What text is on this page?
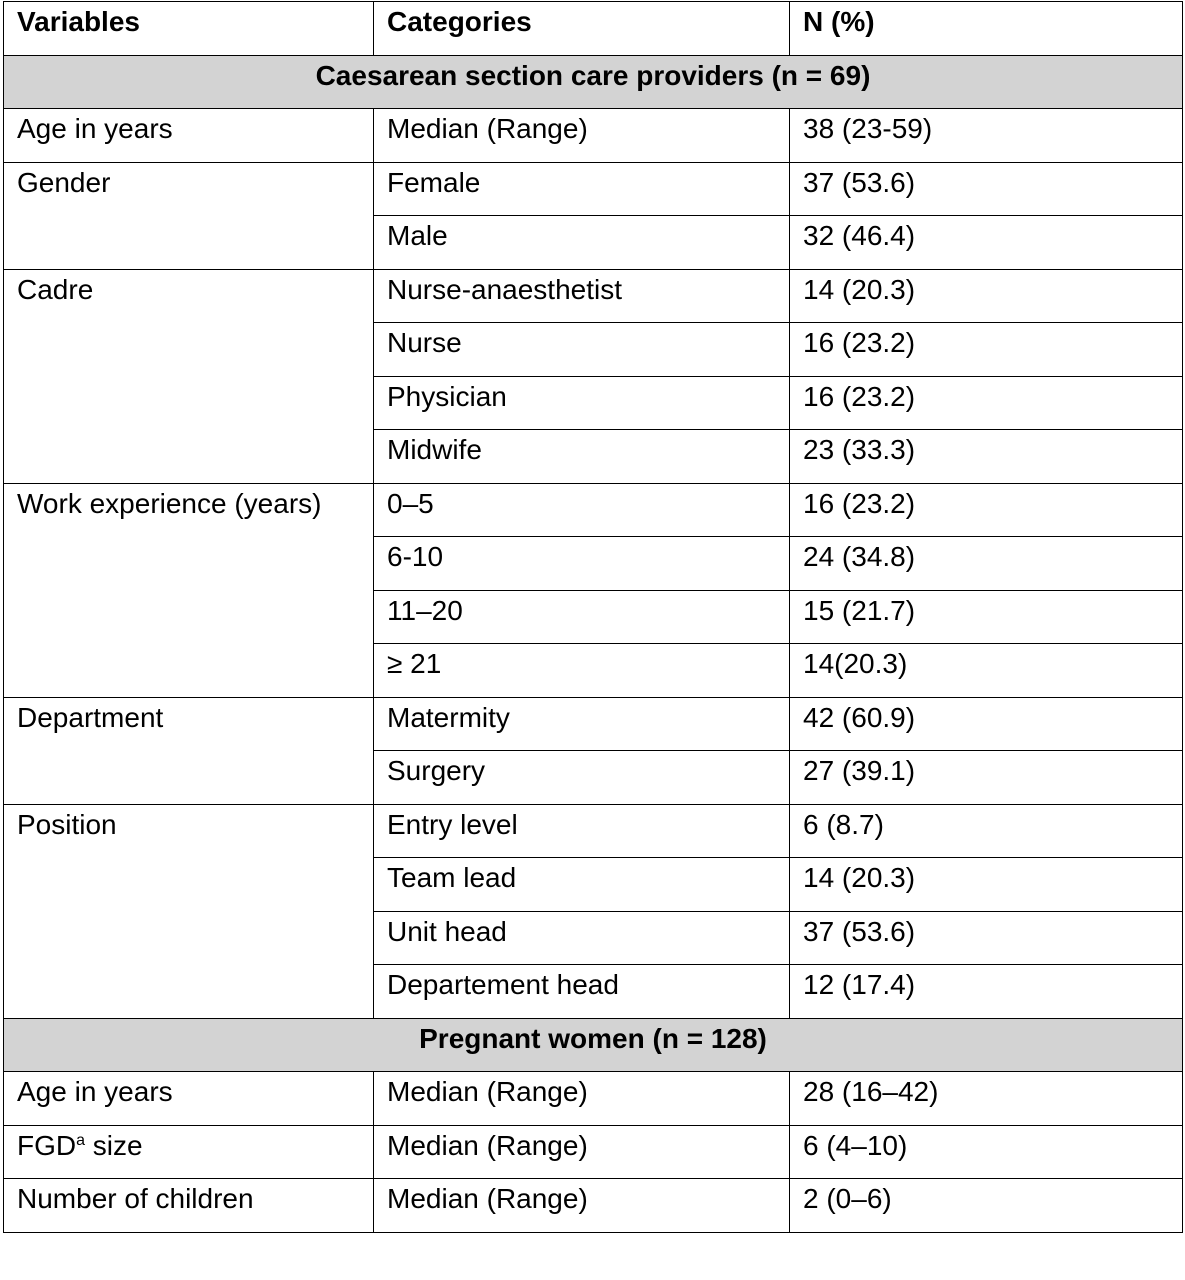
Variables	Categories	N (%)
Caesarean section care providers (n = 69)		
Age in years	Median (Range)	38 (23-59)
Gender	Female	37 (53.6)
	Male	32 (46.4)
Cadre	Nurse-anaesthetist	14 (20.3)
	Nurse	16 (23.2)
	Physician	16 (23.2)
	Midwife	23 (33.3)
Work experience (years)	0–5	16 (23.2)
	6-10	24 (34.8)
	11–20	15 (21.7)
	≥ 21	14(20.3)
Department	Matermity	42 (60.9)
	Surgery	27 (39.1)
Position	Entry level	6 (8.7)
	Team lead	14 (20.3)
	Unit head	37 (53.6)
	Departement head	12 (17.4)
Pregnant women (n = 128)		
Age in years	Median (Range)	28 (16–42)
FGD$^a$ size	Median (Range)	6 (4–10)
Number of children	Median (Range)	2 (0–6)
